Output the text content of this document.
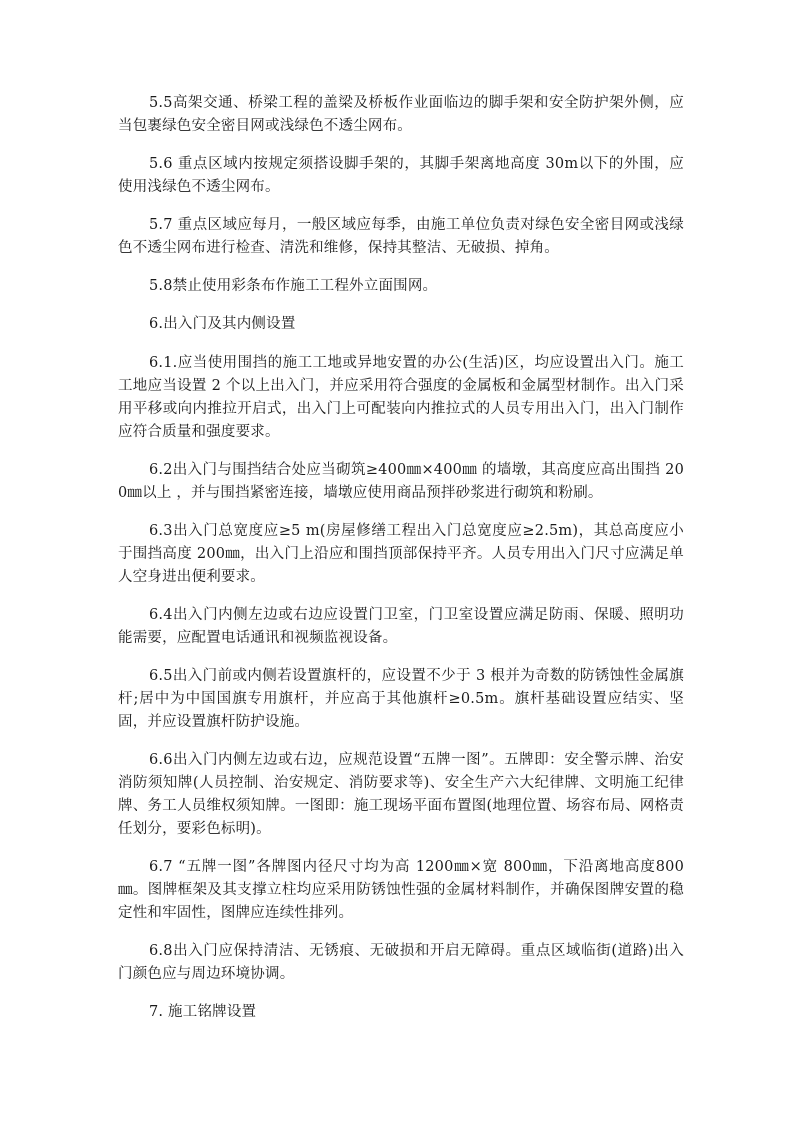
5.5高架交通、桥梁工程的盖梁及桥板作业面临边的脚手架和安全防护架外侧，应当包裹绿色安全密目网或浅绿色不透尘网布。

5.6 重点区域内按规定须搭设脚手架的，其脚手架离地高度 30m以下的外围，应使用浅绿色不透尘网布。

5.7 重点区域应每月，一般区域应每季，由施工单位负责对绿色安全密目网或浅绿色不透尘网布进行检查、清洗和维修，保持其整洁、无破损、掉角。

5.8禁止使用彩条布作施工工程外立面围网。

6.出入门及其内侧设置

6.1.应当使用围挡的施工工地或异地安置的办公(生活)区，均应设置出入门。施工工地应当设置 2 个以上出入门，并应采用符合强度的金属板和金属型材制作。出入门采用平移或向内推拉开启式，出入门上可配装向内推拉式的人员专用出入门，出入门制作应符合质量和强度要求。

6.2出入门与围挡结合处应当砌筑≥400㎜×400㎜ 的墙墩，其高度应高出围挡 200㎜以上 ，并与围挡紧密连接，墙墩应使用商品预拌砂浆进行砌筑和粉刷。

6.3出入门总宽度应≥5 m(房屋修缮工程出入门总宽度应≥2.5m)，其总高度应小于围挡高度 200㎜，出入门上沿应和围挡顶部保持平齐。人员专用出入门尺寸应满足单人空身进出便利要求。

6.4出入门内侧左边或右边应设置门卫室，门卫室设置应满足防雨、保暖、照明功能需要，应配置电话通讯和视频监视设备。

6.5出入门前或内侧若设置旗杆的，应设置不少于 3 根并为奇数的防锈蚀性金属旗杆;居中为中国国旗专用旗杆，并应高于其他旗杆≥0.5m。旗杆基础设置应结实、坚固，并应设置旗杆防护设施。

6.6出入门内侧左边或右边，应规范设置“五牌一图”。五牌即：安全警示牌、治安消防须知牌(人员控制、治安规定、消防要求等)、安全生产六大纪律牌、文明施工纪律牌、务工人员维权须知牌。一图即：施工现场平面布置图(地理位置、场容布局、网格责任划分，要彩色标明)。

6.7 “五牌一图”各牌图内径尺寸均为高 1200㎜×宽 800㎜，下沿离地高度800㎜。图牌框架及其支撑立柱均应采用防锈蚀性强的金属材料制作，并确保图牌安置的稳定性和牢固性，图牌应连续性排列。

6.8出入门应保持清洁、无锈痕、无破损和开启无障碍。重点区域临街(道路)出入门颜色应与周边环境协调。

7. 施工铭牌设置
